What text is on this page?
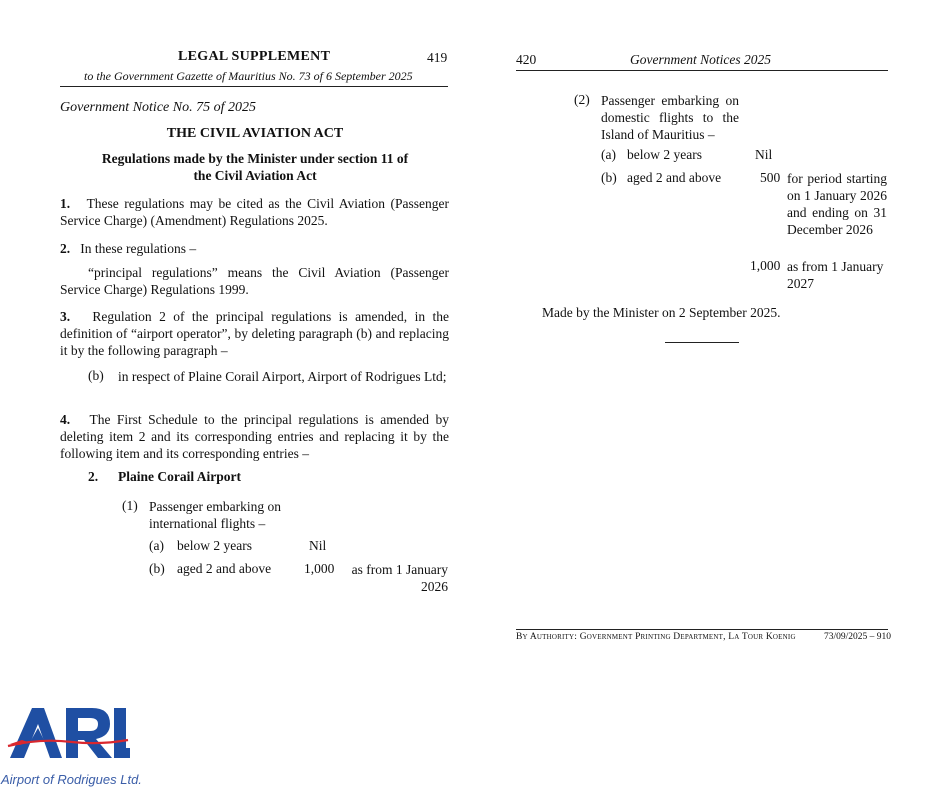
LEGAL SUPPLEMENT	419
to the Government Gazette of Mauritius No. 73 of 6 September 2025
Government Notice No. 75 of 2025
THE CIVIL AVIATION ACT
Regulations made by the Minister under section 11 of
the Civil Aviation Act
1. These regulations may be cited as the Civil Aviation (Passenger Service Charge) (Amendment) Regulations 2025.
2. In these regulations –
“principal regulations” means the Civil Aviation (Passenger Service Charge) Regulations 1999.
3. Regulation 2 of the principal regulations is amended, in the definition of “airport operator”, by deleting paragraph (b) and replacing it by the following paragraph –
(b) in respect of Plaine Corail Airport, Airport of Rodrigues Ltd;
4. The First Schedule to the principal regulations is amended by deleting item 2 and its corresponding entries and replacing it by the following item and its corresponding entries –
2. Plaine Corail Airport
(1) Passenger embarking on international flights –
(a) below 2 years	Nil
(b) aged 2 and above 1,000	as from 1 January 2026
420	Government Notices 2025
(2) Passenger embarking on domestic flights to the Island of Mauritius –
(a) below 2 years	Nil
(b) aged 2 and above	500 for period starting on 1 January 2026 and ending on 31 December 2026
1,000 as from 1 January 2027
Made by the Minister on 2 September 2025.
By Authority: Government Printing Department, La Tour Koenig	73/09/2025 – 910
Airport of Rodrigues Ltd.
